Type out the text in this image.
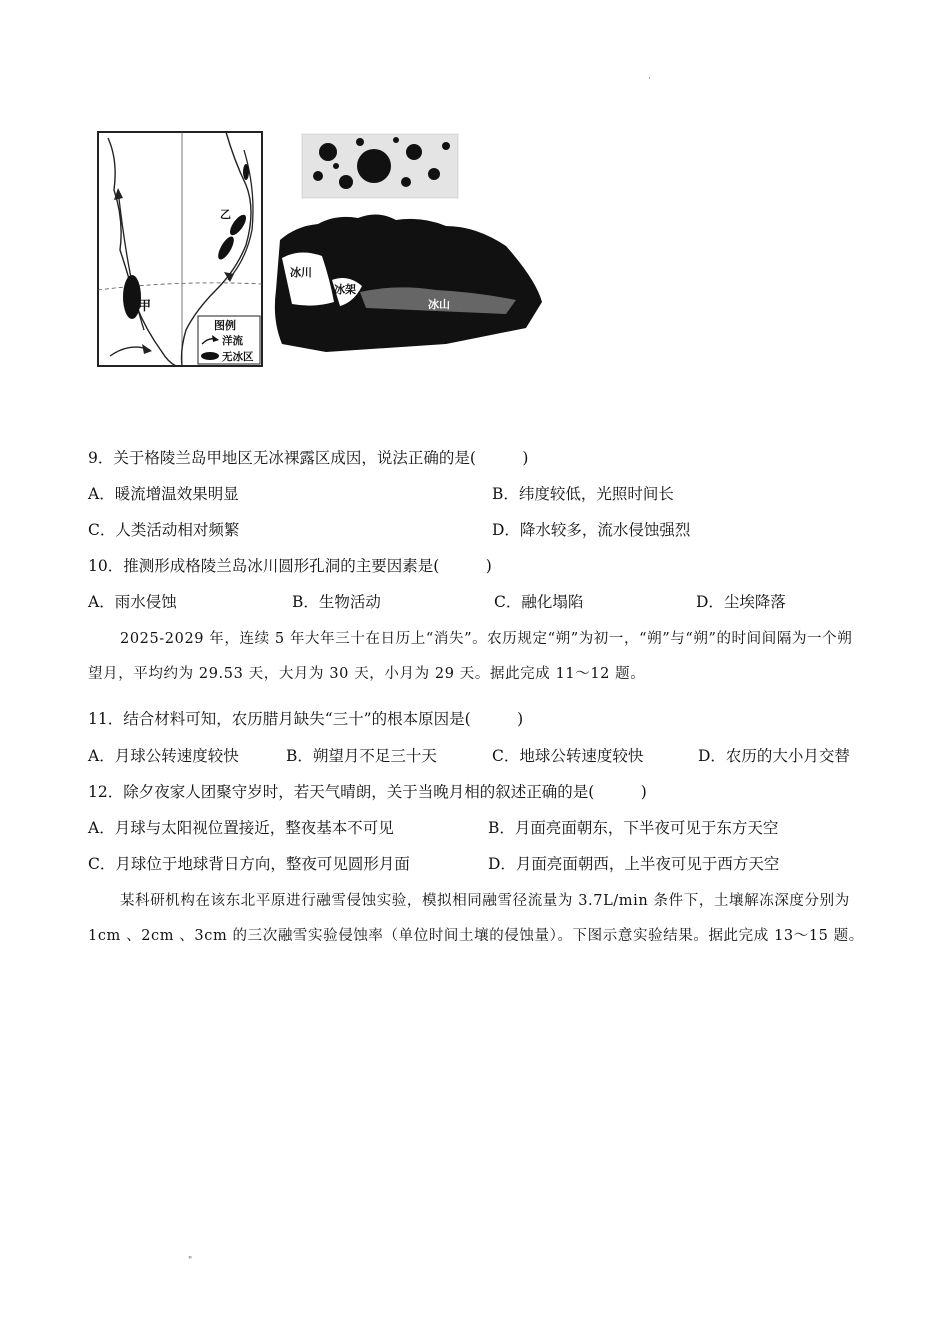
甲
乙
图例
洋流
无冰区
冰川
冰架
冰山
9．关于格陵兰岛甲地区无冰裸露区成因，说法正确的是(　　　)
A．暖流增温效果明显	B．纬度较低，光照时间长
C．人类活动相对频繁	D．降水较多，流水侵蚀强烈
10．推测形成格陵兰岛冰川圆形孔洞的主要因素是(　　　)
A．雨水侵蚀	B．生物活动	C．融化塌陷	D．尘埃降落

2025-2029 年，连续 5 年大年三十在日历上“消失”。农历规定“朔”为初一，“朔”与“朔”的时间间隔为一个朔望月，平均约为 29.53 天，大月为 30 天，小月为 29 天。据此完成 11～12 题。

11．结合材料可知，农历腊月缺失“三十”的根本原因是(　　　)
A．月球公转速度较快	B．朔望月不足三十天	C．地球公转速度较快	D．农历的大小月交替
12．除夕夜家人团聚守岁时，若天气晴朗，关于当晚月相的叙述正确的是(　　　)
A．月球与太阳视位置接近，整夜基本不可见	B．月面亮面朝东，下半夜可见于东方天空
C．月球位于地球背日方向，整夜可见圆形月面	D．月面亮面朝西，上半夜可见于西方天空

某科研机构在该东北平原进行融雪侵蚀实验，模拟相同融雪径流量为 3.7L/min 条件下，土壤解冻深度分别为 1cm 、2cm 、3cm 的三次融雪实验侵蚀率（单位时间土壤的侵蚀量）。下图示意实验结果。据此完成 13～15 题。

·
"
